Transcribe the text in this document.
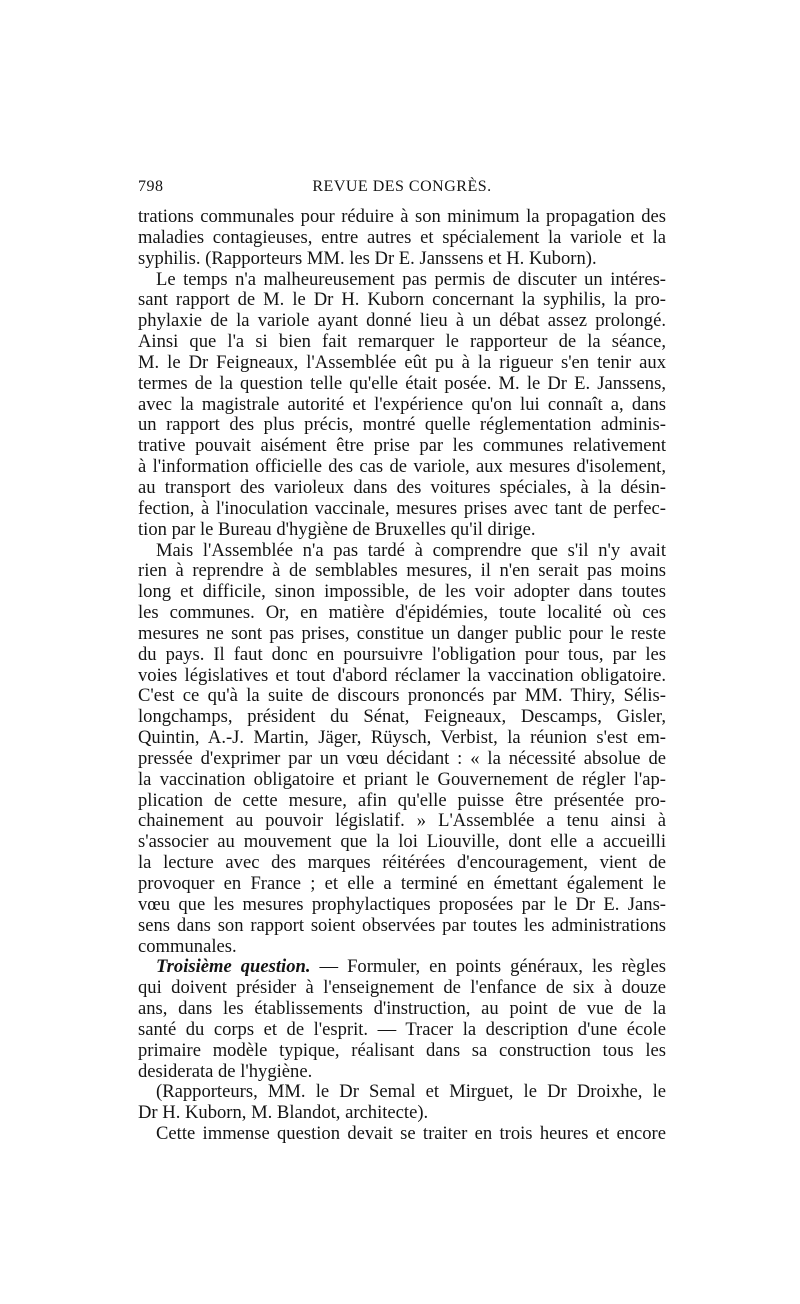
798	REVUE DES CONGRÈS.
trations communales pour réduire à son minimum la propagation des
maladies contagieuses, entre autres et spécialement la variole et la
syphilis. (Rapporteurs MM. les Dr E. Janssens et H. Kuborn).
Le temps n'a malheureusement pas permis de discuter un intéres-
sant rapport de M. le Dr H. Kuborn concernant la syphilis, la pro-
phylaxie de la variole ayant donné lieu à un débat assez prolongé.
Ainsi que l'a si bien fait remarquer le rapporteur de la séance,
M. le Dr Feigneaux, l'Assemblée eût pu à la rigueur s'en tenir aux
termes de la question telle qu'elle était posée. M. le Dr E. Janssens,
avec la magistrale autorité et l'expérience qu'on lui connaît a, dans
un rapport des plus précis, montré quelle réglementation adminis-
trative pouvait aisément être prise par les communes relativement
à l'information officielle des cas de variole, aux mesures d'isolement,
au transport des varioleux dans des voitures spéciales, à la désin-
fection, à l'inoculation vaccinale, mesures prises avec tant de perfec-
tion par le Bureau d'hygiène de Bruxelles qu'il dirige.
Mais l'Assemblée n'a pas tardé à comprendre que s'il n'y avait
rien à reprendre à de semblables mesures, il n'en serait pas moins
long et difficile, sinon impossible, de les voir adopter dans toutes
les communes. Or, en matière d'épidémies, toute localité où ces
mesures ne sont pas prises, constitue un danger public pour le reste
du pays. Il faut donc en poursuivre l'obligation pour tous, par les
voies législatives et tout d'abord réclamer la vaccination obligatoire.
C'est ce qu'à la suite de discours prononcés par MM. Thiry, Sélis-
longchamps, président du Sénat, Feigneaux, Descamps, Gisler,
Quintin, A.-J. Martin, Jäger, Rüysch, Verbist, la réunion s'est em-
pressée d'exprimer par un vœu décidant : « la nécessité absolue de
la vaccination obligatoire et priant le Gouvernement de régler l'ap-
plication de cette mesure, afin qu'elle puisse être présentée pro-
chainement au pouvoir législatif. » L'Assemblée a tenu ainsi à
s'associer au mouvement que la loi Liouville, dont elle a accueilli
la lecture avec des marques réitérées d'encouragement, vient de
provoquer en France ; et elle a terminé en émettant également le
vœu que les mesures prophylactiques proposées par le Dr E. Jans-
sens dans son rapport soient observées par toutes les administrations
communales.
Troisième question. — Formuler, en points généraux, les règles
qui doivent présider à l'enseignement de l'enfance de six à douze
ans, dans les établissements d'instruction, au point de vue de la
santé du corps et de l'esprit. — Tracer la description d'une école
primaire modèle typique, réalisant dans sa construction tous les
desiderata de l'hygiène.
(Rapporteurs, MM. le Dr Semal et Mirguet, le Dr Droixhe, le
Dr H. Kuborn, M. Blandot, architecte).
Cette immense question devait se traiter en trois heures et encore
